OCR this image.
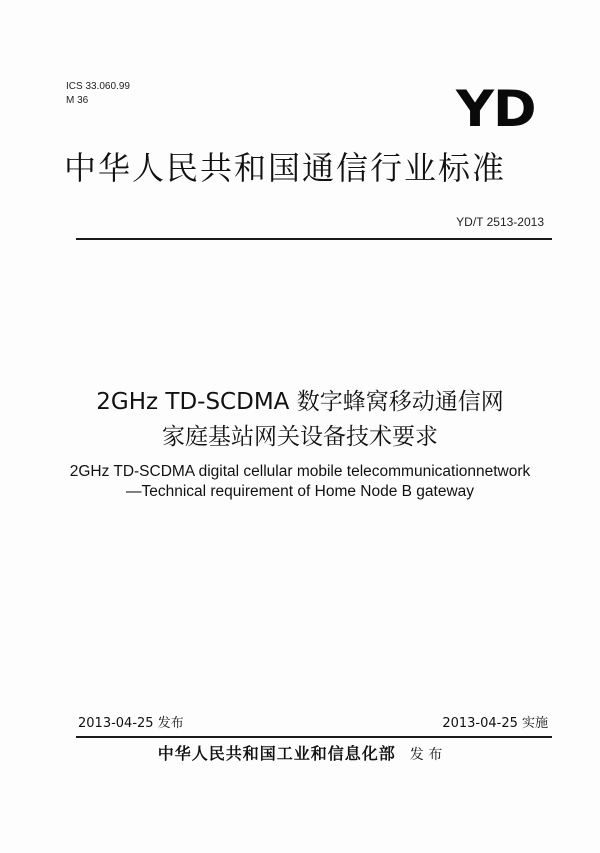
ICS 33.060.99
M 36	YD
中华人民共和国通信行业标准
YD/T 2513-2013
2GHz TD-SCDMA 数字蜂窝移动通信网
家庭基站网关设备技术要求
2GHz TD-SCDMA digital cellular mobile telecommunicationnetwork
—Technical requirement of Home Node B gateway
2013-04-25 发布	2013-04-25 实施
中华人民共和国工业和信息化部 发 布
